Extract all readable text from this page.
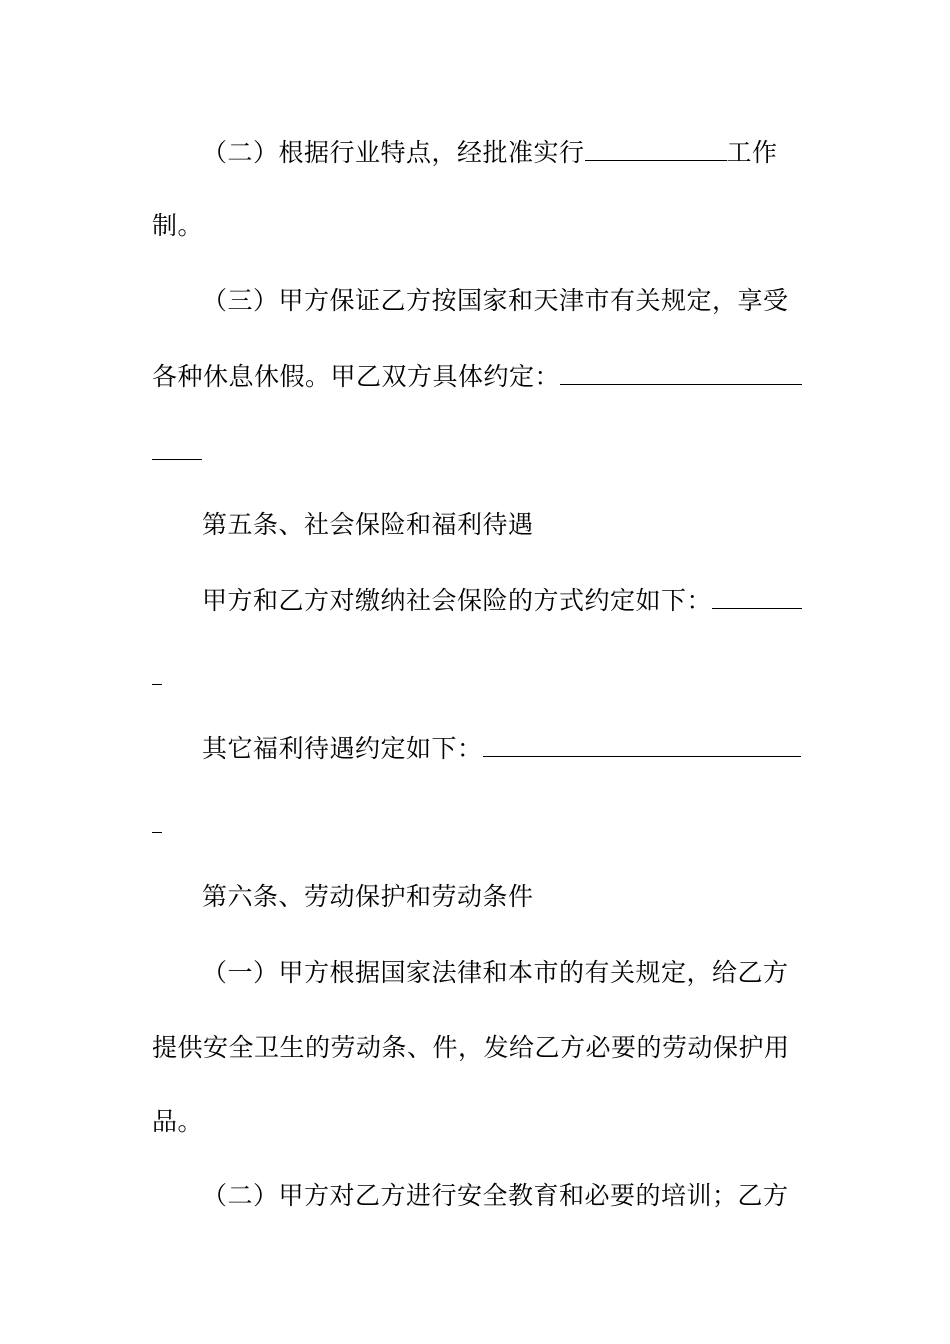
（二）根据行业特点，经批准实行	工作
制。
（三）甲方保证乙方按国家和天津市有关规定，享受
各种休息休假。甲乙双方具体约定：
第五条、社会保险和福利待遇
甲方和乙方对缴纳社会保险的方式约定如下：
其它福利待遇约定如下：
第六条、劳动保护和劳动条件
（一）甲方根据国家法律和本市的有关规定，给乙方
提供安全卫生的劳动条、件，发给乙方必要的劳动保护用
品。
（二）甲方对乙方进行安全教育和必要的培训；乙方
